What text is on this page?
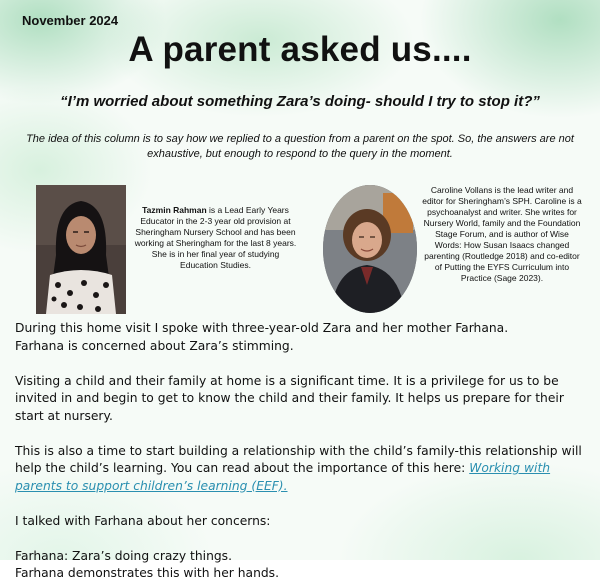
November 2024
A parent asked us....
“I’m worried about something Zara’s doing- should I try to stop it?”
The idea of this column is to say how we replied to a question from a parent on the spot. So, the answers are not exhaustive, but enough to respond to the query in the moment.
Tazmin Rahman is a Lead Early Years Educator in the 2-3 year old provision at Sheringham Nursery School and has been working at Sheringham for the last 8 years. She is in her final year of studying Education Studies.
Caroline Vollans is the lead writer and editor for Sheringham’s SPH. Caroline is a psychoanalyst and writer. She writes for Nursery World, family and the Foundation Stage Forum, and is author of Wise Words: How Susan Isaacs changed parenting (Routledge 2018) and co-editor of Putting the EYFS Curriculum into Practice (Sage 2023).

During this home visit I spoke with three-year-old Zara and her mother Farhana.
Farhana is concerned about Zara’s stimming.

Visiting a child and their family at home is a significant time. It is a privilege for us to be invited in and begin to get to know the child and their family. It helps us prepare for their start at nursery.

This is also a time to start building a relationship with the child’s family-this relationship will help the child’s learning. You can read about the importance of this here: Working with parents to support children’s learning (EEF).

I talked with Farhana about her concerns:

Farhana: Zara’s doing crazy things.
Farhana demonstrates this with her hands.
